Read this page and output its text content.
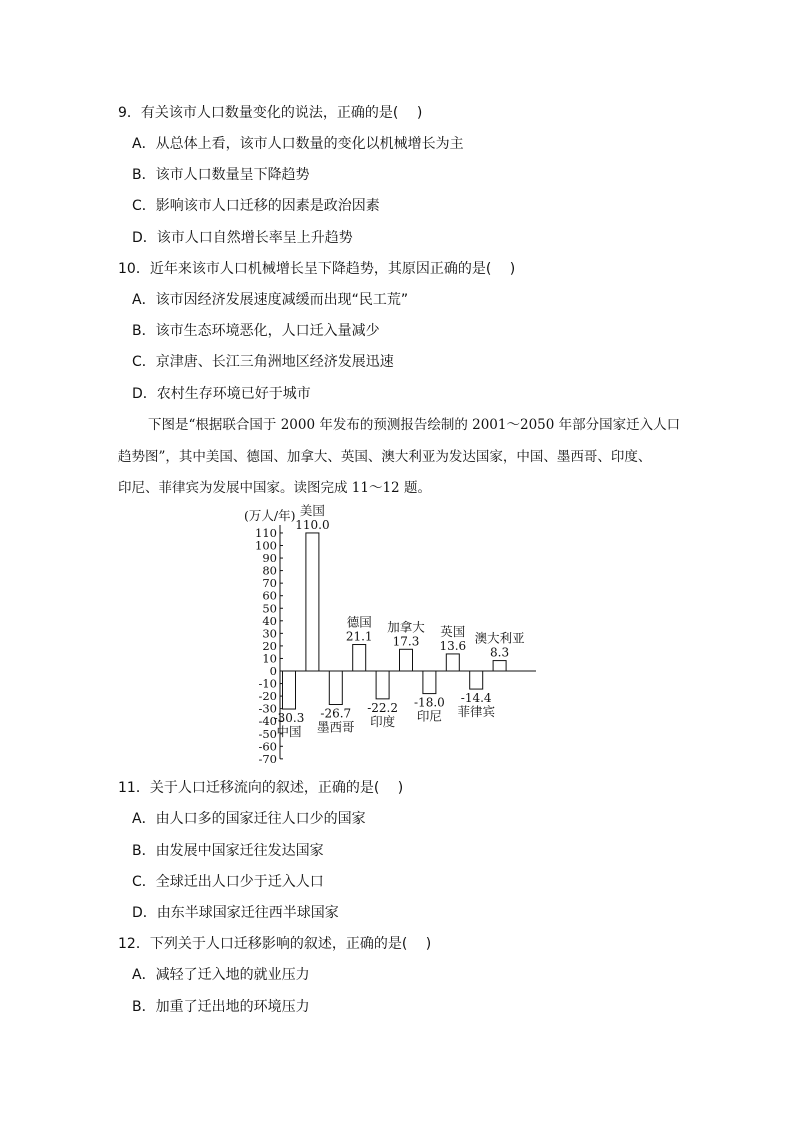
9．有关该市人口数量变化的说法，正确的是(　 )
A．从总体上看，该市人口数量的变化以机械增长为主
B．该市人口数量呈下降趋势
C．影响该市人口迁移的因素是政治因素
D．该市人口自然增长率呈上升趋势
10．近年来该市人口机械增长呈下降趋势，其原因正确的是(　 )
A．该市因经济发展速度减缓而出现“民工荒”
B．该市生态环境恶化，人口迁入量减少
C．京津唐、长江三角洲地区经济发展迅速
D．农村生存环境已好于城市
下图是“根据联合国于 2000 年发布的预测报告绘制的 2001～2050 年部分国家迁入人口
趋势图”，其中美国、德国、加拿大、英国、澳大利亚为发达国家，中国、墨西哥、印度、
印尼、菲律宾为发展中国家。读图完成 11～12 题。
(万人/年)
110
100
90
80
70
60
50
40
30
20
10
0
-10
-20
-30
-40
-50
-60
-70
-30.3
中国
110.0
美国
-26.7
墨西哥
21.1
德国
-22.2
印度
17.3
加拿大
-18.0
印尼
13.6
英国
-14.4
菲律宾
8.3
澳大利亚
11．关于人口迁移流向的叙述，正确的是(　 )
A．由人口多的国家迁往人口少的国家
B．由发展中国家迁往发达国家
C．全球迁出人口少于迁入人口
D．由东半球国家迁往西半球国家
12．下列关于人口迁移影响的叙述，正确的是(　 )
A．减轻了迁入地的就业压力
B．加重了迁出地的环境压力
